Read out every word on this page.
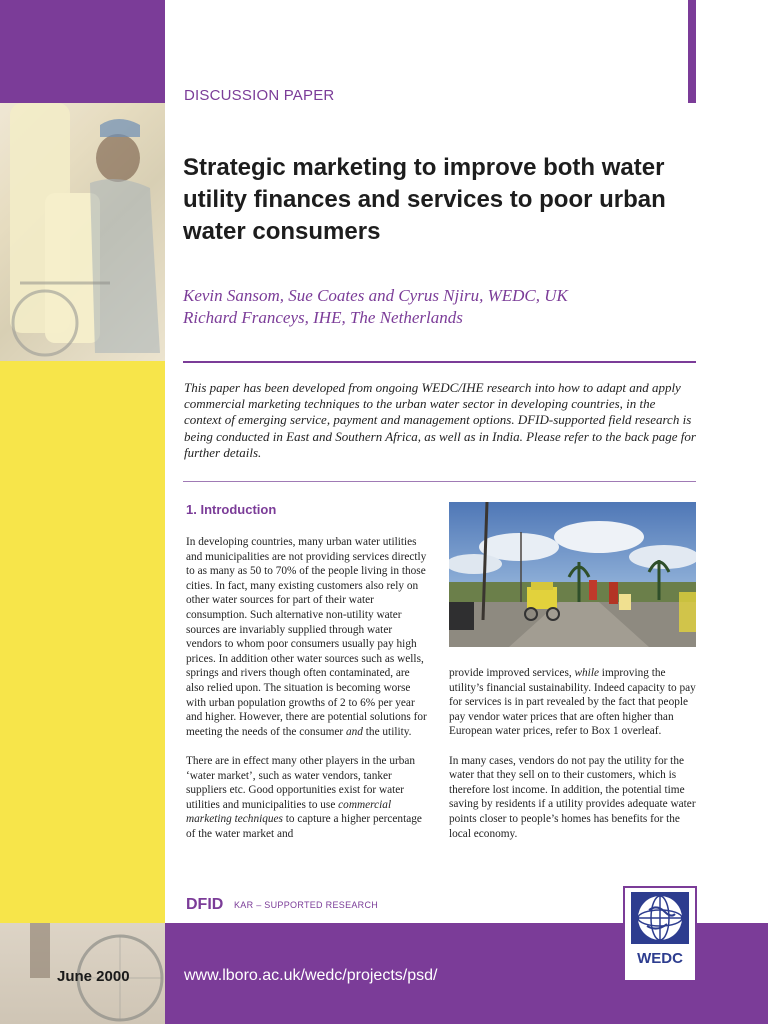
DISCUSSION PAPER
Strategic marketing to improve both water utility finances and services to poor urban water consumers
Kevin Sansom, Sue Coates and Cyrus Njiru, WEDC, UK
Richard Franceys, IHE, The Netherlands

This paper has been developed from ongoing WEDC/IHE research into how to adapt and apply commercial marketing techniques to the urban water sector in developing countries, in the context of emerging service, payment and management options. DFID-supported field research is being conducted in East and Southern Africa, as well as in India. Please refer to the back page for further details.

1. Introduction

In developing countries, many urban water utilities and municipalities are not providing services directly to as many as 50 to 70% of the people living in those cities. In fact, many existing customers also rely on other water sources for part of their water consumption. Such alternative non-utility water sources are invariably supplied through water vendors to whom poor consumers usually pay high prices. In addition other water sources such as wells, springs and rivers though often contaminated, are also relied upon. The situation is becoming worse with urban population growths of 2 to 6% per year and higher. However, there are potential solutions for meeting the needs of the consumer and the utility.

There are in effect many other players in the urban ‘water market’, such as water vendors, tanker suppliers etc. Good opportunities exist for water utilities and municipalities to use commercial marketing techniques to capture a higher percentage of the water market and

provide improved services, while improving the utility’s financial sustainability. Indeed capacity to pay for services is in part revealed by the fact that people pay vendor water prices that are often higher than European water prices, refer to Box 1 overleaf.

In many cases, vendors do not pay the utility for the water that they sell on to their customers, which is therefore lost income. In addition, the potential time saving by residents if a utility provides adequate water points closer to people’s homes has benefits for the local economy.

DFID KAR – SUPPORTED RESEARCH
WEDC
June 2000	www.lboro.ac.uk/wedc/projects/psd/
